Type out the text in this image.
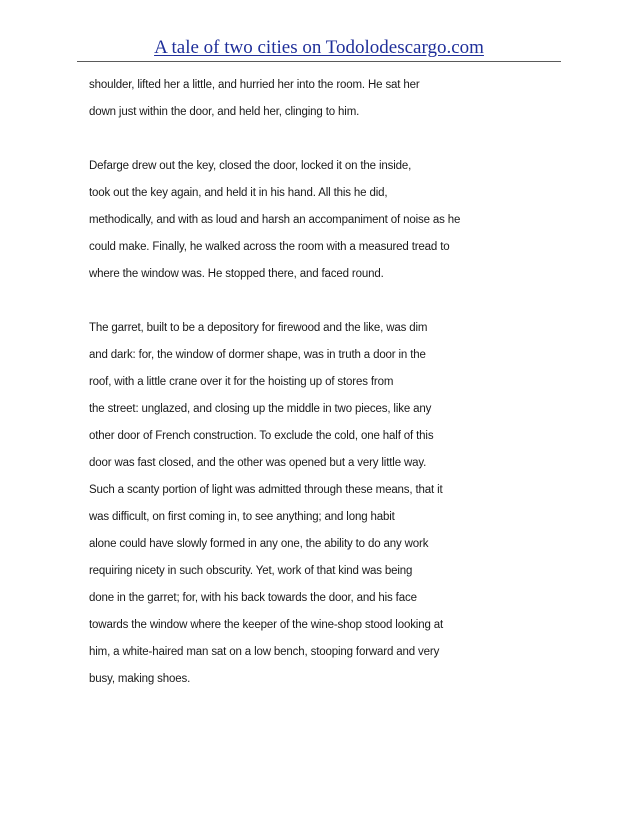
A tale of two cities on Todolodescargo.com
shoulder, lifted her a little, and hurried her into the room. He sat her
down just within the door, and held her, clinging to him.
Defarge drew out the key, closed the door, locked it on the inside,
took out the key again, and held it in his hand. All this he did,
methodically, and with as loud and harsh an accompaniment of noise as he
could make. Finally, he walked across the room with a measured tread to
where the window was. He stopped there, and faced round.
The garret, built to be a depository for firewood and the like, was dim
and dark: for, the window of dormer shape, was in truth a door in the
roof, with a little crane over it for the hoisting up of stores from
the street: unglazed, and closing up the middle in two pieces, like any
other door of French construction. To exclude the cold, one half of this
door was fast closed, and the other was opened but a very little way.
Such a scanty portion of light was admitted through these means, that it
was difficult, on first coming in, to see anything; and long habit
alone could have slowly formed in any one, the ability to do any work
requiring nicety in such obscurity. Yet, work of that kind was being
done in the garret; for, with his back towards the door, and his face
towards the window where the keeper of the wine-shop stood looking at
him, a white-haired man sat on a low bench, stooping forward and very
busy, making shoes.
